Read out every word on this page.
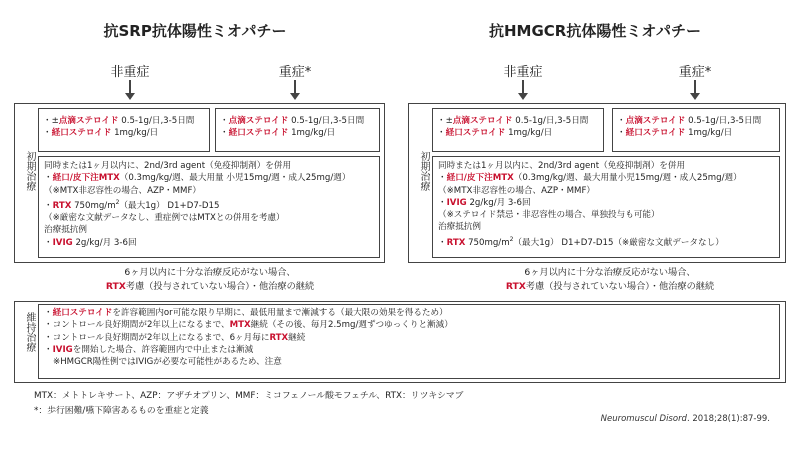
抗SRP抗体陽性ミオパチー
非重症	重症*
初期治療
・±点滴ステロイド 0.5-1g/日,3-5日間
・経口ステロイド 1mg/kg/日
・点滴ステロイド 0.5-1g/日,3-5日間
・経口ステロイド 1mg/kg/日
同時または1ヶ月以内に、2nd/3rd agent（免疫抑制剤）を併用
・経口/皮下注MTX（0.3mg/kg/週、最大用量 小児15mg/週・成人25mg/週）
（※MTX非忍容性の場合、AZP・MMF）
・RTX $750mg/m^2$（最大1g） D1+D7-D15
（※厳密な文献データなし、重症例ではMTXとの併用を考慮）
治療抵抗例
・IVIG 2g/kg/月 3-6回
6ヶ月以内に十分な治療反応がない場合、
RTX考慮（投与されていない場合）・他治療の継続
抗HMGCR抗体陽性ミオパチー
非重症	重症*
初期治療
・±点滴ステロイド 0.5-1g/日,3-5日間
・経口ステロイド 1mg/kg/日
・点滴ステロイド 0.5-1g/日,3-5日間
・経口ステロイド 1mg/kg/日
同時または1ヶ月以内に、2nd/3rd agent（免疫抑制剤）を併用
・経口/皮下注MTX（0.3mg/kg/週、最大用量小児15mg/週・成人25mg/週）
（※MTX非忍容性の場合、AZP・MMF）
・IVIG 2g/kg/月 3-6回
（※ステロイド禁忌・非忍容性の場合、単独投与も可能）
治療抵抗例
・RTX $750mg/m^2$（最大1g） D1+D7-D15（※厳密な文献データなし）
6ヶ月以内に十分な治療反応がない場合、
RTX考慮（投与されていない場合）・他治療の継続
維持治療 ・経口ステロイドを許容範囲内or可能な限り早期に、最低用量まで漸減する（最大限の効果を得るため）
・コントロール良好期間が2年以上になるまで、MTX継続（その後、毎月2.5mg/週ずつゆっくりと漸減）
・コントロール良好期間が2年以上になるまで、6ヶ月毎にRTX継続
・IVIGを開始した場合、許容範囲内で中止または漸減
※HMGCR陽性例ではIVIGが必要な可能性があるため、注意
MTX：メトトレキサート、AZP：アザチオプリン、MMF：ミコフェノール酸モフェチル、RTX：リツキシマブ
*：歩行困難/嚥下障害あるものを重症と定義
Neuromuscul Disord. 2018;28(1):87-99.
